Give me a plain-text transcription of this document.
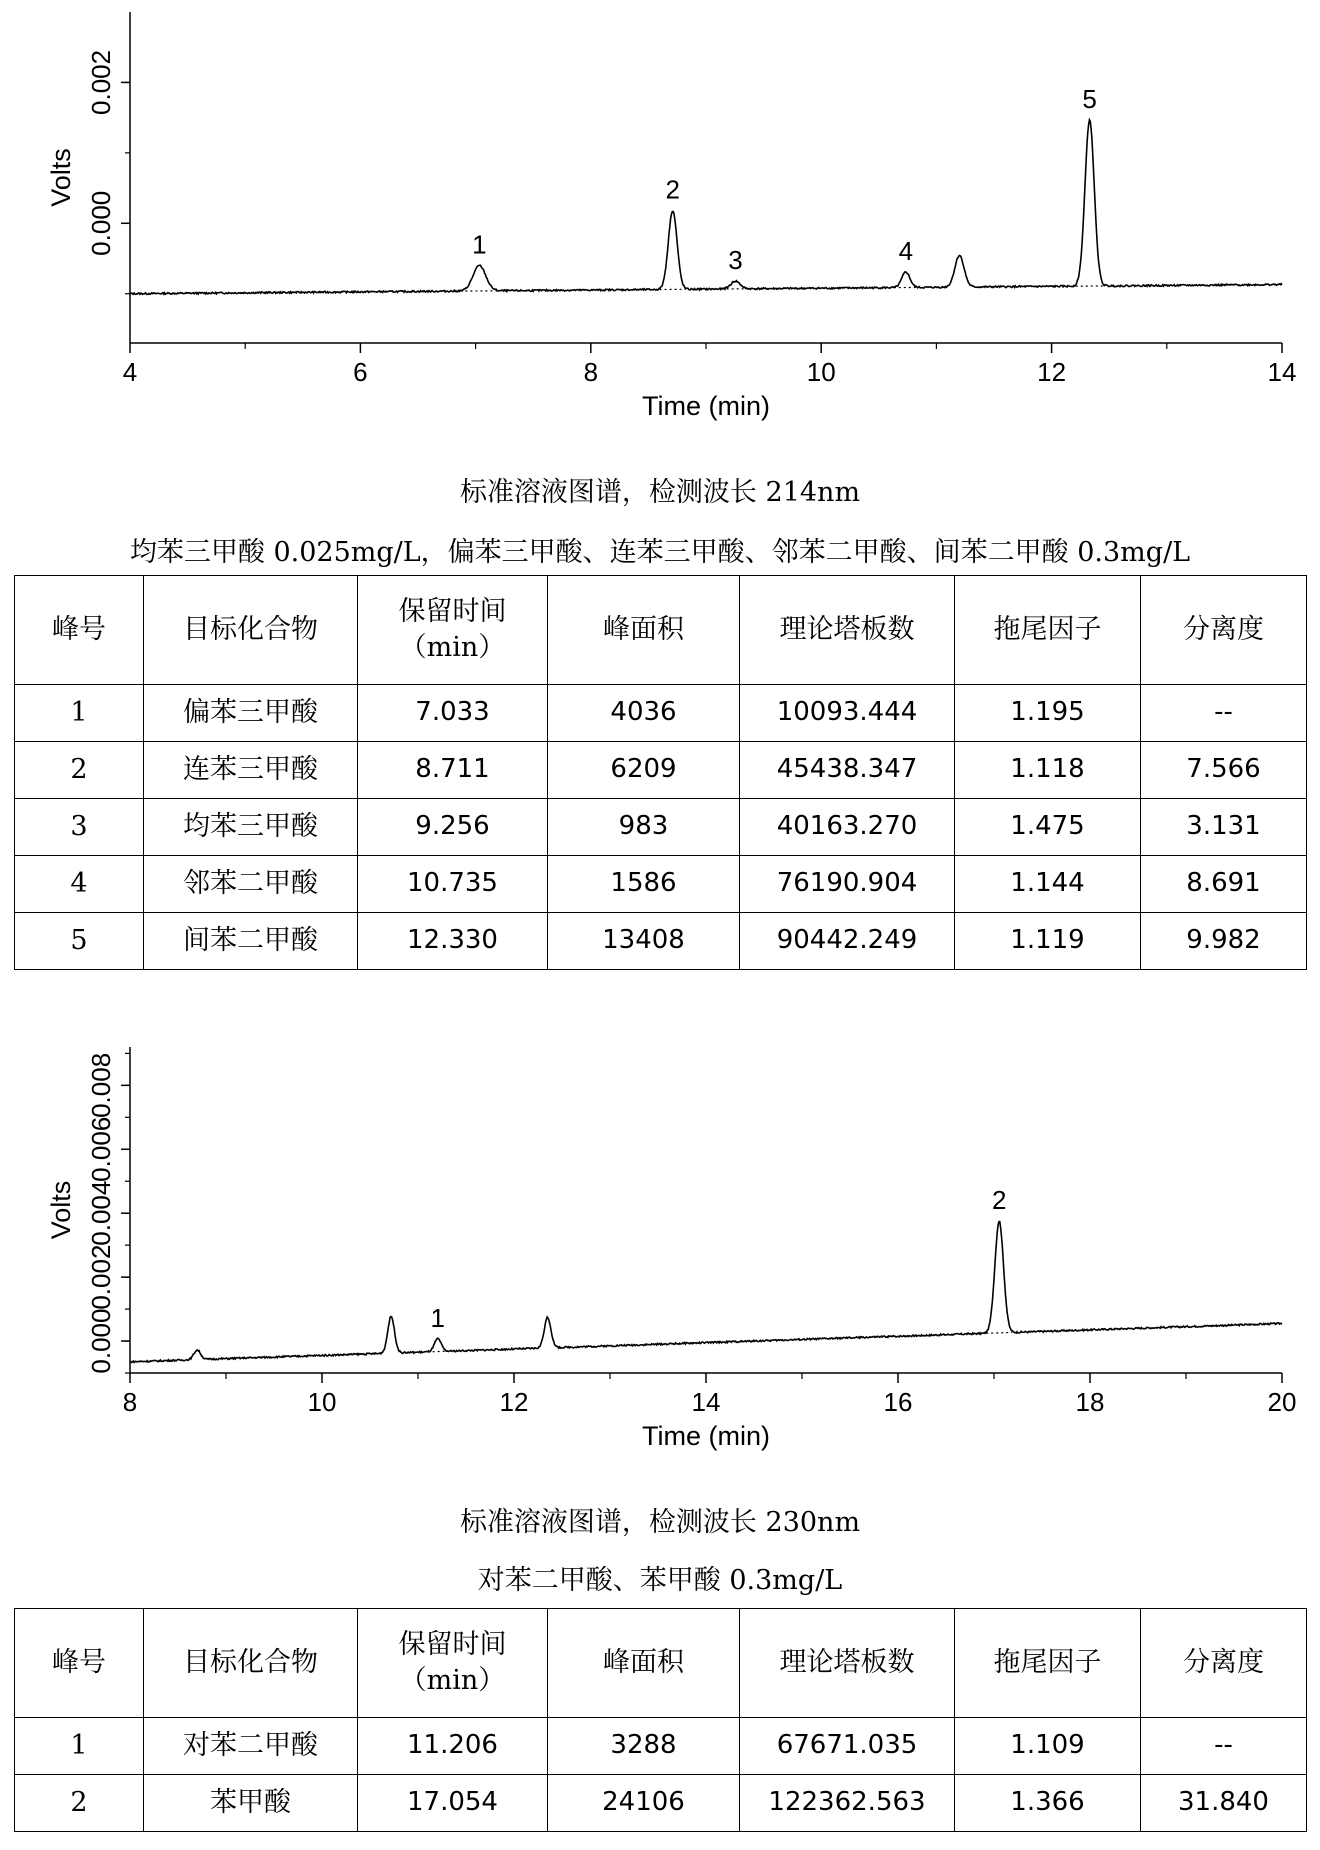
4	6	8	10	12	14
0.000
0.002
Time (min)
Volts
1
2
3	4
5
标准溶液图谱，检测波长 214nm
均苯三甲酸 0.025mg/L，偏苯三甲酸、连苯三甲酸、邻苯二甲酸、间苯二甲酸 0.3mg/L
峰号	目标化合物	保留时间（min）	峰面积	理论塔板数	拖尾因子	分离度
1	偏苯三甲酸	7.033	4036	10093.444	1.195	--
2	连苯三甲酸	8.711	6209	45438.347	1.118	7.566
3	均苯三甲酸	9.256	983	40163.270	1.475	3.131
4	邻苯二甲酸	10.735	1586	76190.904	1.144	8.691
5	间苯二甲酸	12.330	13408	90442.249	1.119	9.982
8	10	12	14	16	18	20
0.000
0.002
0.004
0.006
0.008
Time (min)
Volts
1
2
标准溶液图谱，检测波长 230nm
对苯二甲酸、苯甲酸 0.3mg/L
峰号	目标化合物	保留时间（min）	峰面积	理论塔板数	拖尾因子	分离度
1	对苯二甲酸	11.206	3288	67671.035	1.109	--
2	苯甲酸	17.054	24106	122362.563	1.366	31.840
